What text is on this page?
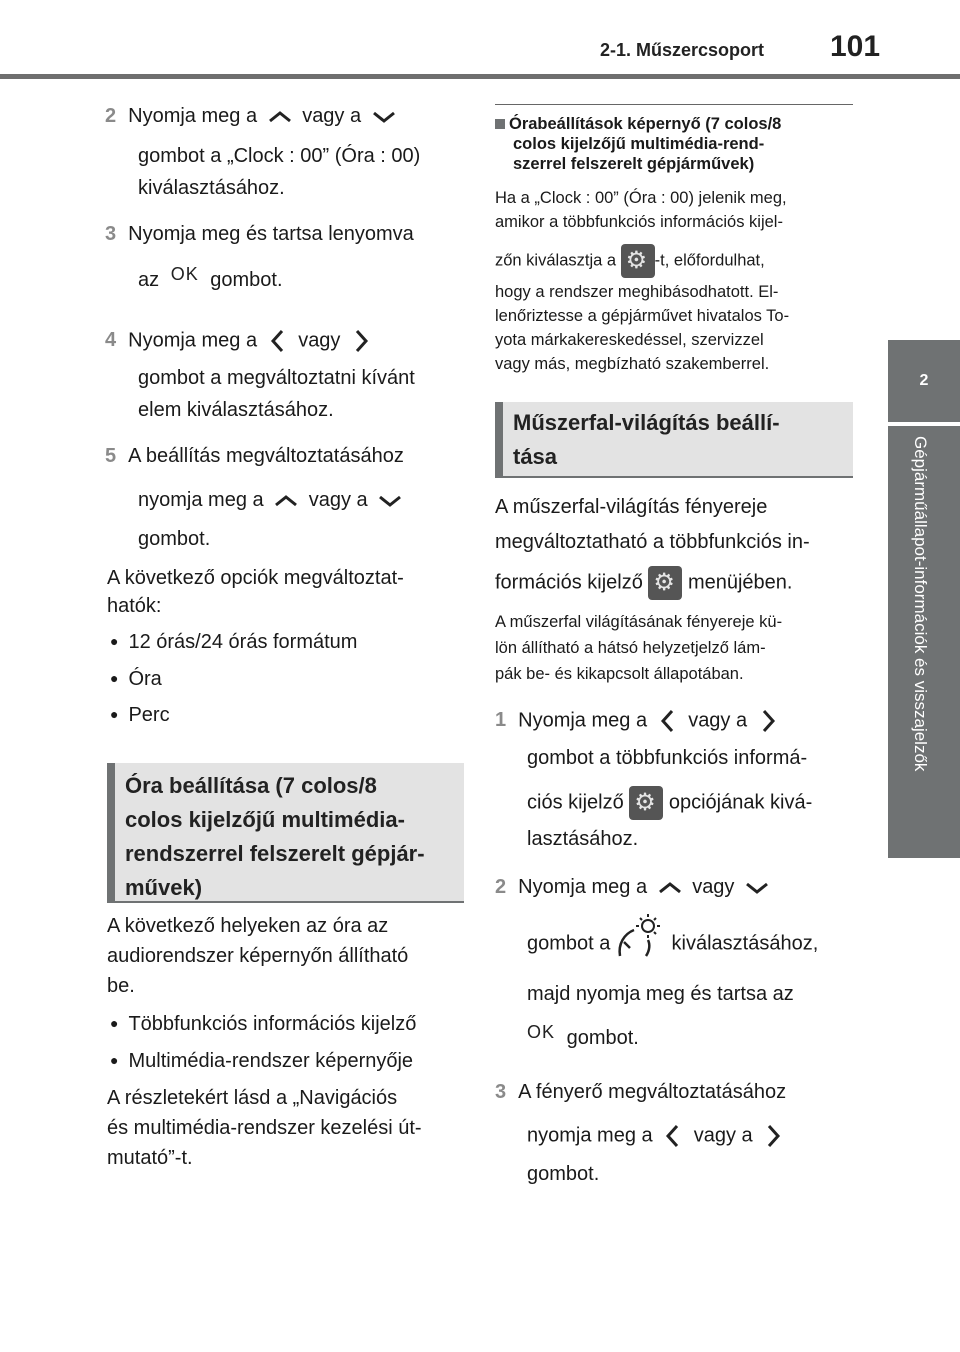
2-1. Műszercsoport 101
2
Gépjárműállapot-információk és visszajelzők
2 Nyomja meg a vagy a
gombot a „Clock : 00” (Óra : 00)
kiválasztásához.
3 Nyomja meg és tartsa lenyomva
az OK gombot.
4 Nyomja meg a vagy
gombot a megváltoztatni kívánt
elem kiválasztásához.
5 A beállítás megváltoztatásához
nyomja meg a vagy a
gombot.
A következő opciók megváltoztat-
hatók:
● 12 órás/24 órás formátum
● Óra
● Perc
Óra beállítása (7 colos/8
colos kijelzőjű multimédia-
rendszerrel felszerelt gépjár-
művek)
A következő helyeken az óra az
audiorendszer képernyőn állítható
be.
● Többfunkciós információs kijelző
● Multimédia-rendszer képernyője
A részletekért lásd a „Navigációs
és multimédia-rendszer kezelési út-
mutató”-t.
Órabeállítások képernyő (7 colos/8
colos kijelzőjű multimédia-rend-
szerrel felszerelt gépjárművek)
Ha a „Clock : 00” (Óra : 00) jelenik meg,
amikor a többfunkciós információs kijel-
zőn kiválasztja a ⚙ -t, előfordulhat,
hogy a rendszer meghibásodhatott. El-
lenőriztesse a gépjárművet hivatalos To-
yota márkakereskedéssel, szervizzel
vagy más, megbízható szakemberrel.
Műszerfal-világítás beállí-
tása
A műszerfal-világítás fényereje
megváltoztatható a többfunkciós in-
formációs kijelző ⚙ menüjében.
A műszerfal világításának fényereje kü-
lön állítható a hátsó helyzetjelző lám-
pák be- és kikapcsolt állapotában.
1 Nyomja meg a vagy a
gombot a többfunkciós informá-
ciós kijelző ⚙ opciójának kivá-
lasztásához.
2 Nyomja meg a vagy
gombot a	kiválasztásához,
majd nyomja meg és tartsa az
OK gombot.
3 A fényerő megváltoztatásához
nyomja meg a vagy a
gombot.
